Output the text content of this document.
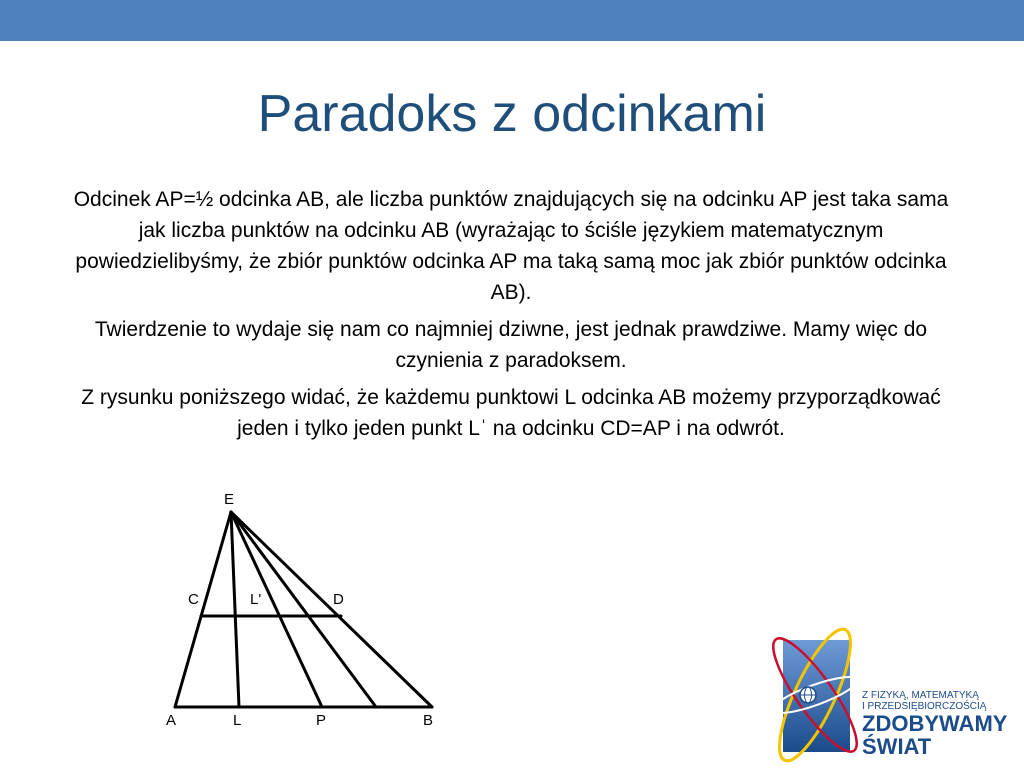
Paradoks z odcinkami

Odcinek AP=½ odcinka AB, ale liczba punktów znajdujących się na odcinku AP jest taka sama jak liczba punktów na odcinku AB (wyrażając to ściśle językiem matematycznym powiedzielibyśmy, że zbiór punktów odcinka AP ma taką samą moc jak zbiór punktów odcinka AB).

Twierdzenie to wydaje się nam co najmniej dziwne, jest jednak prawdziwe. Mamy więc do czynienia z paradoksem.

Z rysunku poniższego widać, że każdemu punktowi L odcinka AB możemy przyporządkować jeden i tylko jeden punkt Lˈ na odcinku CD=AP i na odwrót.

E
C	L'	D
A	L	P	B
Z FIZYKĄ, MATEMATYKĄ
I PRZEDSIĘBIORCZOŚCIĄ
ZDOBYWAMY
ŚWIAT
